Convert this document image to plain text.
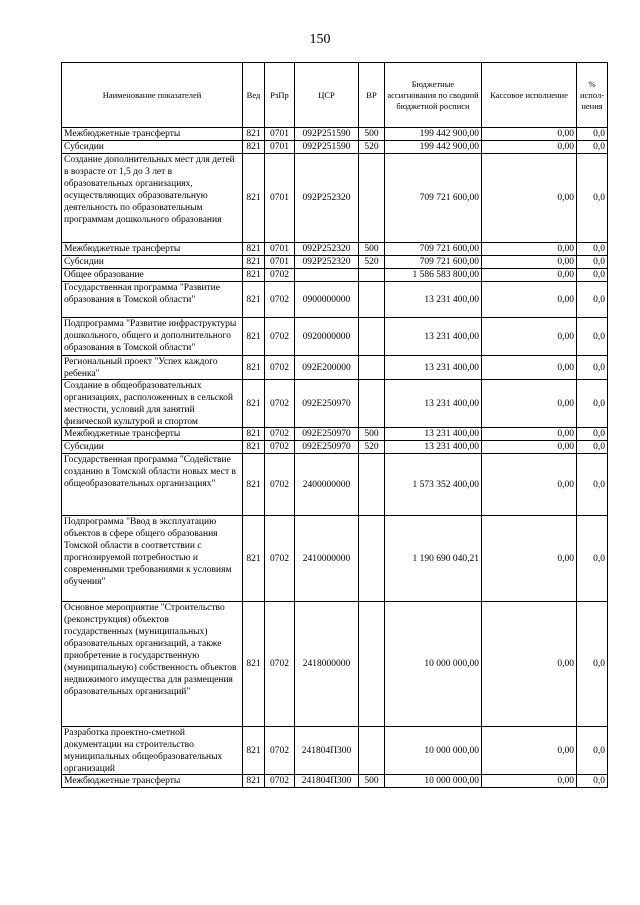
150
Наименование показателей	Вед	РзПр	ЦСР	ВР	Бюджетные ассигнования по сводной бюджетной росписи	Кассовое исполнение	% испол-нения

Межбюджетные трансферты	821	0701	092P251590	500	199 442 900,00	0,00	0,0

Субсидии	821	0701	092P251590	520	199 442 900,00	0,00	0,0

Создание дополнительных мест для детей в возрасте от 1,5 до 3 лет в образовательных организациях, осуществляющих образовательную деятельность по образовательным программам дошкольного образования	821	0701	092P252320		709 721 600,00	0,00	0,0

Межбюджетные трансферты	821	0701	092P252320	500	709 721 600,00	0,00	0,0

Субсидии	821	0701	092P252320	520	709 721 600,00	0,00	0,0

Общее образование	821	0702			1 586 583 800,00	0,00	0,0

Государственная программа "Развитие образования в Томской области"	821	0702	0900000000		13 231 400,00	0,00	0,0

Подпрограмма "Развитие инфраструктуры дошкольного, общего и дополнительного образования в Томской области"	821	0702	0920000000		13 231 400,00	0,00	0,0

Региональный проект "Успех каждого ребенка"	821	0702	092E200000		13 231 400,00	0,00	0,0

Создание в общеобразовательных организациях, расположенных в сельской местности, условий для занятий физической культурой и спортом	821	0702	092E250970		13 231 400,00	0,00	0,0

Межбюджетные трансферты	821	0702	092E250970	500	13 231 400,00	0,00	0,0

Субсидии	821	0702	092E250970	520	13 231 400,00	0,00	0,0

Государственная программа "Содействие созданию в Томской области новых мест в общеобразовательных организациях"	821	0702	2400000000		1 573 352 400,00	0,00	0,0

Подпрограмма "Ввод в эксплуатацию объектов в сфере общего образования Томской области в соответствии с прогнозируемой потребностью и современными требованиями к условиям обучения"	821	0702	2410000000		1 190 690 040,21	0,00	0,0

Основное мероприятие "Строительство (реконструкция) объектов государственных (муниципальных) образовательных организаций, а также приобретение в государственную (муниципальную) собственность объектов недвижимого имущества для размещения образовательных организаций"	821	0702	2418000000		10 000 000,00	0,00	0,0

Разработка проектно-сметной документации на строительство муниципальных общеобразовательных организаций	821	0702	241804П300		10 000 000,00	0,00	0,0

Межбюджетные трансферты	821	0702	241804П300	500	10 000 000,00	0,00	0,0
